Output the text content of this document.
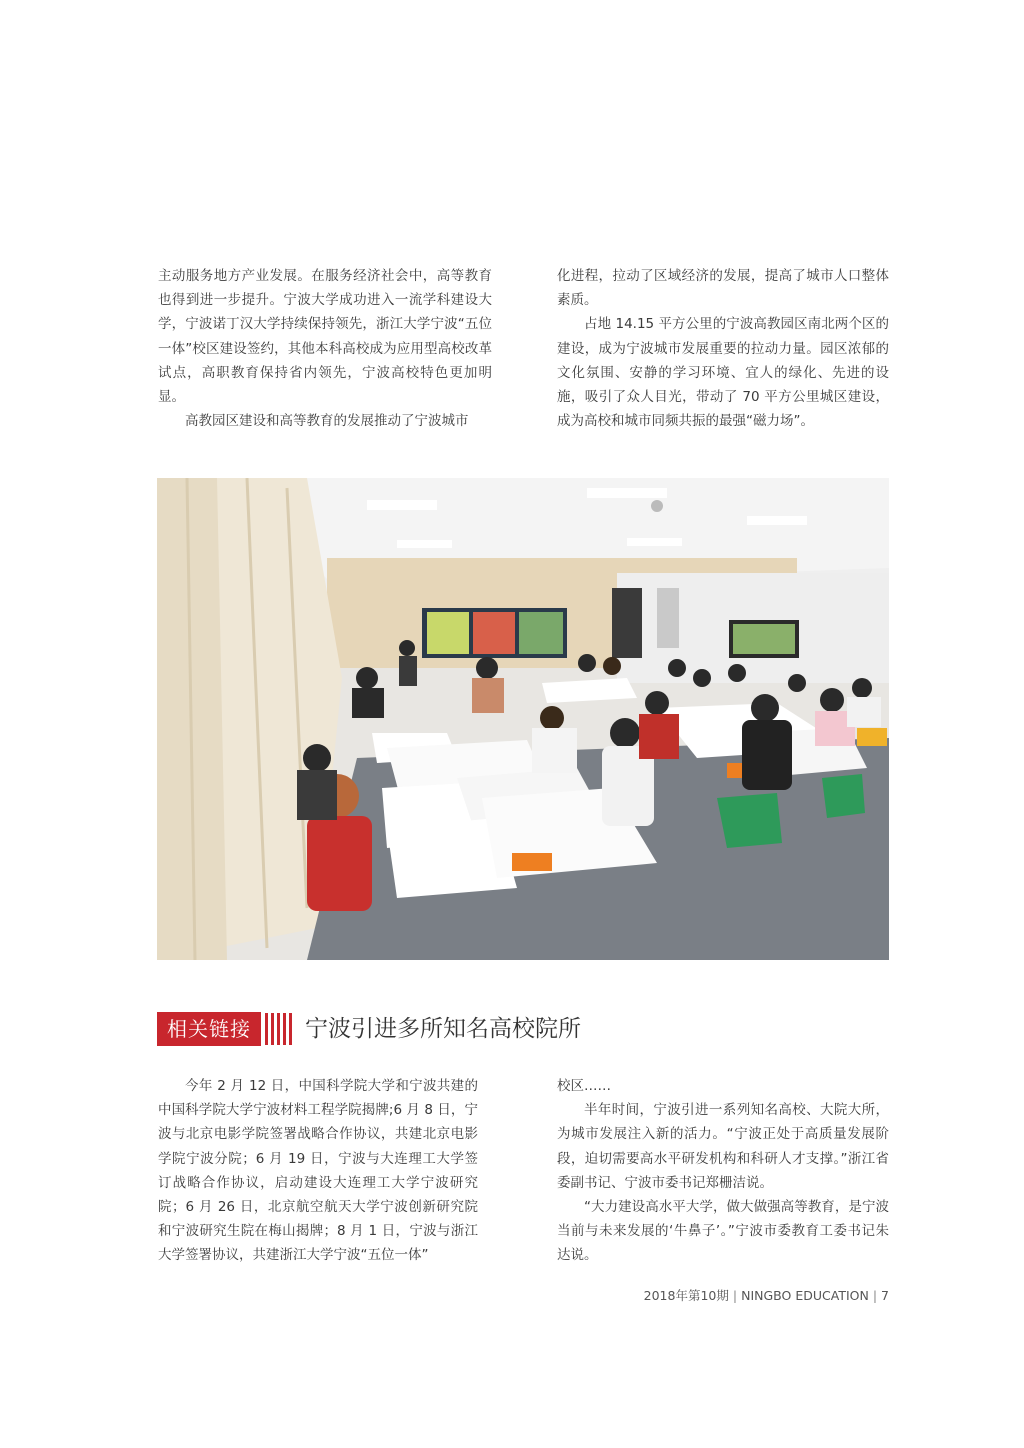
主动服务地方产业发展。在服务经济社会中，高等教育也得到进一步提升。宁波大学成功进入一流学科建设大学，宁波诺丁汉大学持续保持领先，浙江大学宁波“五位一体”校区建设签约，其他本科高校成为应用型高校改革试点，高职教育保持省内领先，宁波高校特色更加明显。

高教园区建设和高等教育的发展推动了宁波城市

化进程，拉动了区域经济的发展，提高了城市人口整体素质。

占地 14.15 平方公里的宁波高教园区南北两个区的建设，成为宁波城市发展重要的拉动力量。园区浓郁的文化氛围、安静的学习环境、宜人的绿化、先进的设施，吸引了众人目光，带动了 70 平方公里城区建设，成为高校和城市同频共振的最强“磁力场”。

相关链接	宁波引进多所知名高校院所

今年 2 月 12 日，中国科学院大学和宁波共建的中国科学院大学宁波材料工程学院揭牌;6 月 8 日，宁波与北京电影学院签署战略合作协议，共建北京电影学院宁波分院；6 月 19 日，宁波与大连理工大学签订战略合作协议，启动建设大连理工大学宁波研究院；6 月 26 日，北京航空航天大学宁波创新研究院和宁波研究生院在梅山揭牌；8 月 1 日，宁波与浙江大学签署协议，共建浙江大学宁波“五位一体”

校区……

半年时间，宁波引进一系列知名高校、大院大所，为城市发展注入新的活力。“宁波正处于高质量发展阶段，迫切需要高水平研发机构和科研人才支撑。”浙江省委副书记、宁波市委书记郑栅洁说。

“大力建设高水平大学，做大做强高等教育，是宁波当前与未来发展的‘牛鼻子’。”宁波市委教育工委书记朱达说。

2018年第10期 | NINGBO EDUCATION | 7
